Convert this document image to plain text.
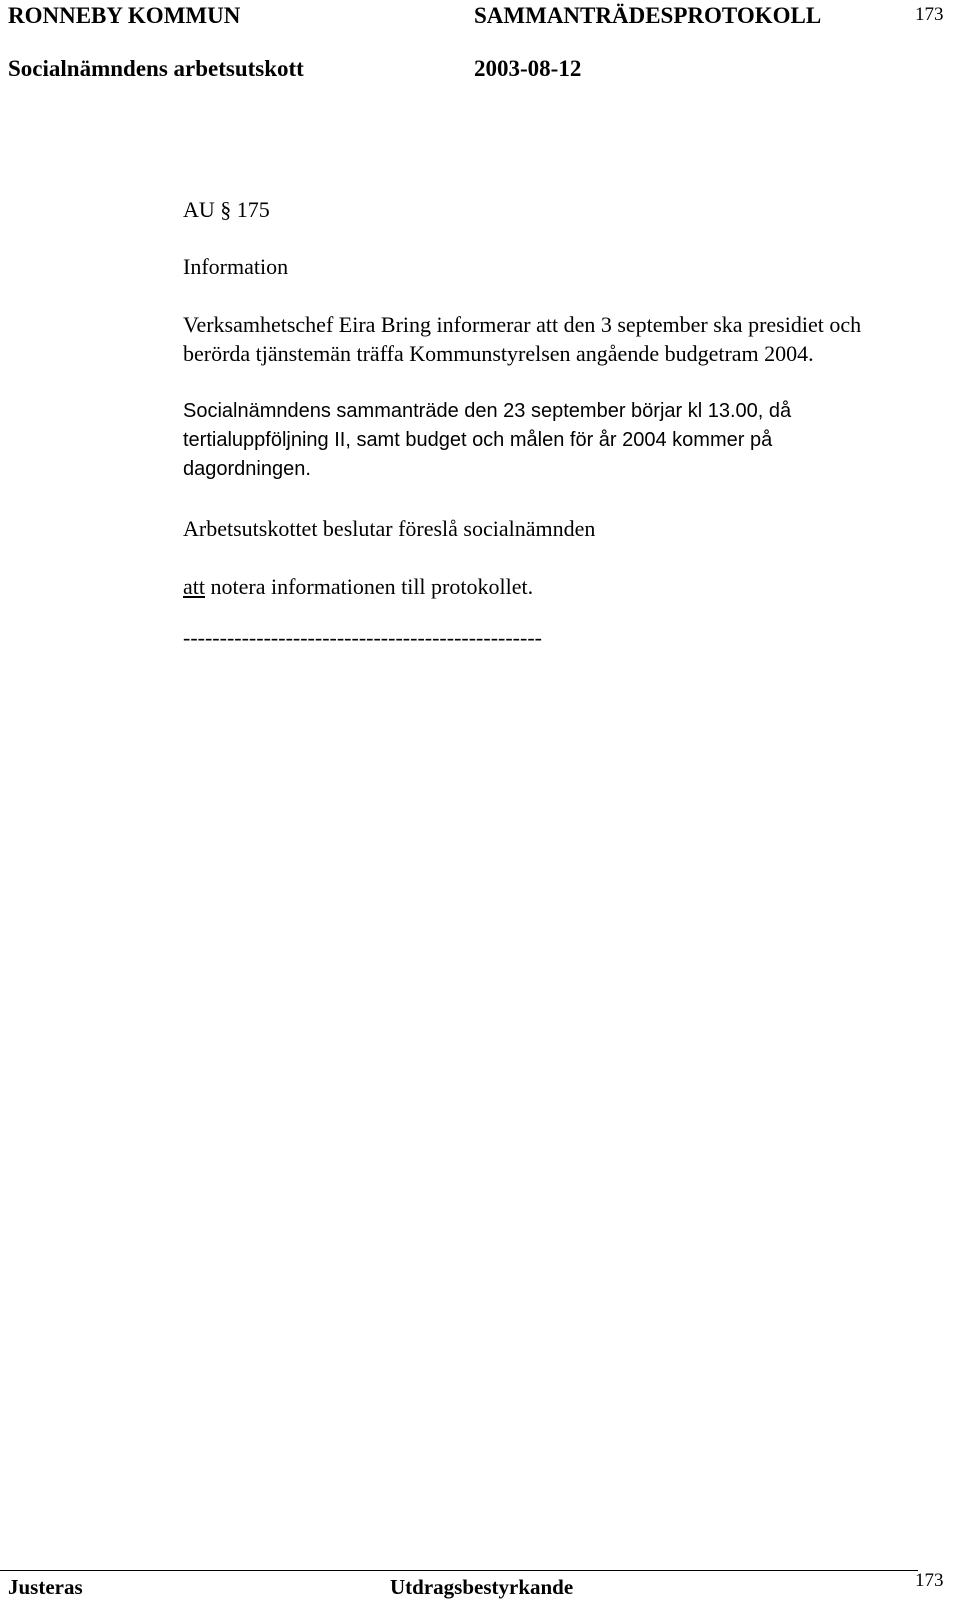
RONNEBY KOMMUN	SAMMANTRÄDESPROTOKOLL	173
Socialnämndens arbetsutskott	2003-08-12
AU § 175
Information
Verksamhetschef Eira Bring informerar att den 3 september ska presidiet och berörda tjänstemän träffa Kommunstyrelsen angående budgetram 2004.
Socialnämndens sammanträde den 23 september börjar kl 13.00, då
tertialuppföljning II, samt budget och målen för år 2004 kommer på
dagordningen.
Arbetsutskottet beslutar föreslå socialnämnden
att notera informationen till protokollet.
-------------------------------------------------
Justeras	Utdragsbestyrkande	173
